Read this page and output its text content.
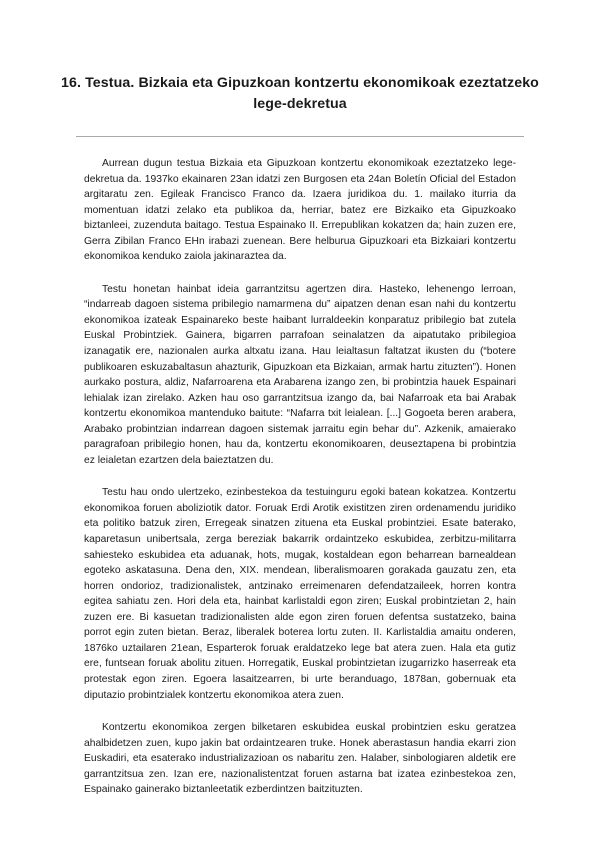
16. Testua. Bizkaia eta Gipuzkoan kontzertu ekonomikoak ezeztatzeko lege-dekretua

Aurrean dugun testua Bizkaia eta Gipuzkoan kontzertu ekonomikoak ezeztatzeko lege-dekretua da. 1937ko ekainaren 23an idatzi zen Burgosen eta 24an Boletín Oficial del Estadon argitaratu zen. Egileak Francisco Franco da. Izaera juridikoa du. 1. mailako iturria da momentuan idatzi zelako eta publikoa da, herriar, batez ere Bizkaiko eta Gipuzkoako biztanleei, zuzenduta baitago. Testua Espainako II. Errepublikan kokatzen da; hain zuzen ere, Gerra Zibilan Franco EHn irabazi zuenean. Bere helburua Gipuzkoari eta Bizkaiari kontzertu ekonomikoa kenduko zaiola jakinaraztea da.

Testu honetan hainbat ideia garrantzitsu agertzen dira. Hasteko, lehenengo lerroan, “indarreab dagoen sistema pribilegio namarmena du” aipatzen denan esan nahi du kontzertu ekonomikoa izateak Espainareko beste haibant lurraldeekin konparatuz pribilegio bat zutela Euskal Probintziek. Gainera, bigarren parrafoan seinalatzen da aipatutako pribilegioa izanagatik ere, nazionalen aurka altxatu izana. Hau leialtasun faltatzat ikusten du (“botere publikoaren eskuzabaltasun ahazturik, Gipuzkoan eta Bizkaian, armak hartu zituzten”). Honen aurkako postura, aldiz, Nafarroarena eta Arabarena izango zen, bi probintzia hauek Espainari lehialak izan zirelako. Azken hau oso garrantzitsua izango da, bai Nafarroak eta bai Arabak kontzertu ekonomikoa mantenduko baitute: “Nafarra txit leialean. [...] Gogoeta beren arabera, Arabako probintzian indarrean dagoen sistemak jarraitu egin behar du”. Azkenik, amaierako paragrafoan pribilegio honen, hau da, kontzertu ekonomikoaren, deuseztapena bi probintzia ez leialetan ezartzen dela baieztatzen du.

Testu hau ondo ulertzeko, ezinbestekoa da testuinguru egoki batean kokatzea. Kontzertu ekonomikoa foruen aboliziotik dator. Foruak Erdi Arotik existitzen ziren ordenamendu juridiko eta politiko batzuk ziren, Erregeak sinatzen zituena eta Euskal probintziei. Esate baterako, kaparetasun unibertsala, zerga bereziak bakarrik ordaintzeko eskubidea, zerbitzu-militarra sahiesteko eskubidea eta aduanak, hots, mugak, kostaldean egon beharrean barnealdean egoteko askatasuna. Dena den, XIX. mendean, liberalismoaren gorakada gauzatu zen, eta horren ondorioz, tradizionalistek, antzinako erreimenaren defendatzaileek, horren kontra egitea sahiatu zen. Hori dela eta, hainbat karlistaldi egon ziren; Euskal probintzietan 2, hain zuzen ere. Bi kasuetan tradizionalisten alde egon ziren foruen defentsa sustatzeko, baina porrot egin zuten bietan. Beraz, liberalek boterea lortu zuten. II. Karlistaldia amaitu onderen, 1876ko uztailaren 21ean, Esparterok foruak eraldatzeko lege bat atera zuen. Hala eta gutiz ere, funtsean foruak abolitu zituen. Horregatik, Euskal probintzietan izugarrizko haserreak eta protestak egon ziren. Egoera lasaitzearren, bi urte beranduago, 1878an, gobernuak eta diputazio probintzialek kontzertu ekonomikoa atera zuen.

Kontzertu ekonomikoa zergen bilketaren eskubidea euskal probintzien esku geratzea ahalbidetzen zuen, kupo jakin bat ordaintzearen truke. Honek aberastasun handia ekarri zion Euskadiri, eta esaterako industrializazioan os nabaritu zen. Halaber, sinbologiaren aldetik ere garrantzitsua zen. Izan ere, nazionalistentzat foruen astarna bat izatea ezinbestekoa zen, Espainako gainerako biztanleetatik ezberdintzen baitzituzten.
